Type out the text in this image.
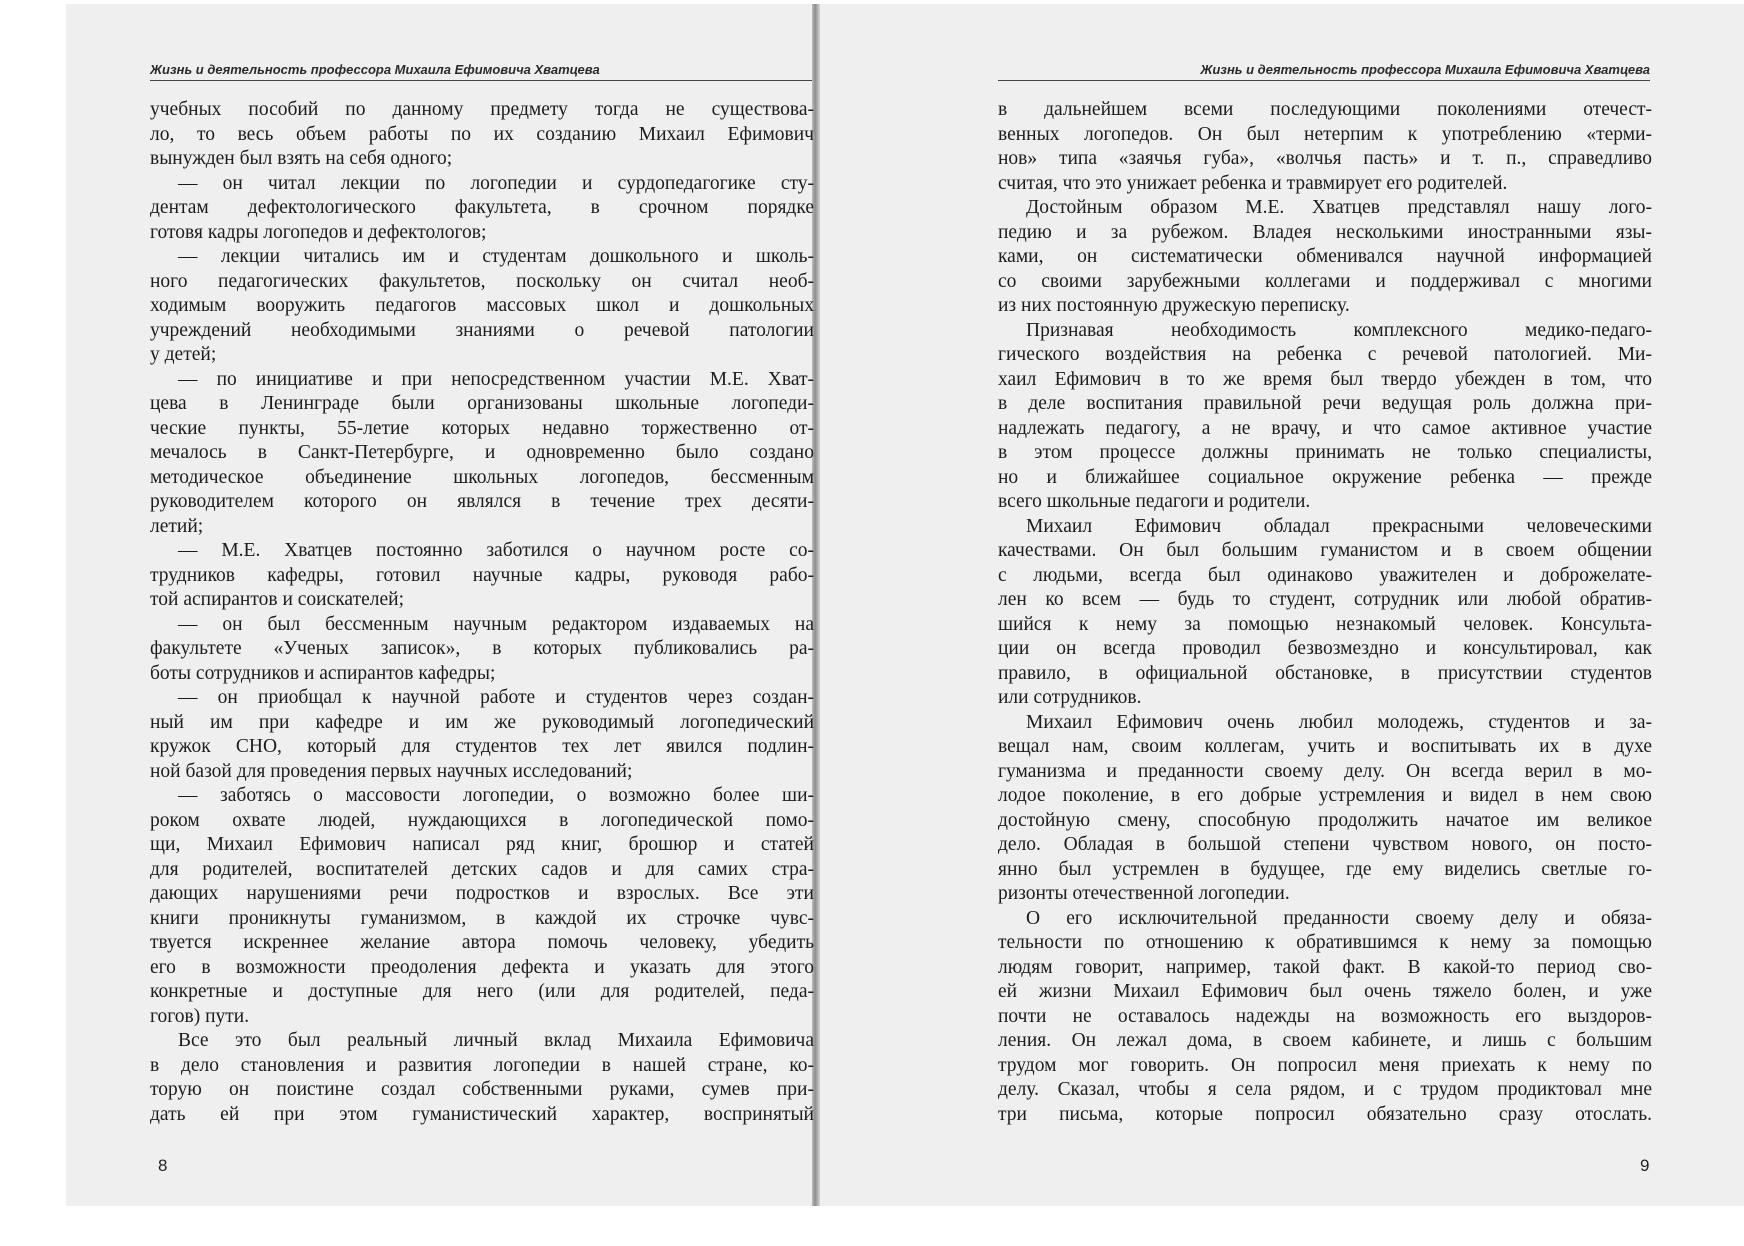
Жизнь и деятельность профессора Михаила Ефимовича Хватцева
учебных пособий по данному предмету тогда не существова-
ло, то весь объем работы по их созданию Михаил Ефимович
вынужден был взять на себя одного;
— он читал лекции по логопедии и сурдопедагогике сту-
дентам дефектологического факультета, в срочном порядке
готовя кадры логопедов и дефектологов;
— лекции читались им и студентам дошкольного и школь-
ного педагогических факультетов, поскольку он считал необ-
ходимым вооружить педагогов массовых школ и дошкольных
учреждений необходимыми знаниями о речевой патологии
у детей;
— по инициативе и при непосредственном участии М.Е. Хват-
цева в Ленинграде были организованы школьные логопеди-
ческие пункты, 55-летие которых недавно торжественно от-
мечалось в Санкт-Петербурге, и одновременно было создано
методическое объединение школьных логопедов, бессменным
руководителем которого он являлся в течение трех десяти-
летий;
— М.Е. Хватцев постоянно заботился о научном росте со-
трудников кафедры, готовил научные кадры, руководя рабо-
той аспирантов и соискателей;
— он был бессменным научным редактором издаваемых на
факультете «Ученых записок», в которых публиковались ра-
боты сотрудников и аспирантов кафедры;
— он приобщал к научной работе и студентов через создан-
ный им при кафедре и им же руководимый логопедический
кружок СНО, который для студентов тех лет явился подлин-
ной базой для проведения первых научных исследований;
— заботясь о массовости логопедии, о возможно более ши-
роком охвате людей, нуждающихся в логопедической помо-
щи, Михаил Ефимович написал ряд книг, брошюр и статей
для родителей, воспитателей детских садов и для самих стра-
дающих нарушениями речи подростков и взрослых. Все эти
книги проникнуты гуманизмом, в каждой их строчке чувс-
твуется искреннее желание автора помочь человеку, убедить
его в возможности преодоления дефекта и указать для этого
конкретные и доступные для него (или для родителей, педа-
гогов) пути.
Все это был реальный личный вклад Михаила Ефимовича
в дело становления и развития логопедии в нашей стране, ко-
торую он поистине создал собственными руками, сумев при-
дать ей при этом гуманистический характер, воспринятый
8
Жизнь и деятельность профессора Михаила Ефимовича Хватцева
в дальнейшем всеми последующими поколениями отечест-
венных логопедов. Он был нетерпим к употреблению «терми-
нов» типа «заячья губа», «волчья пасть» и т. п., справедливо
считая, что это унижает ребенка и травмирует его родителей.
Достойным образом М.Е. Хватцев представлял нашу лого-
педию и за рубежом. Владея несколькими иностранными язы-
ками, он систематически обменивался научной информацией
со своими зарубежными коллегами и поддерживал с многими
из них постоянную дружескую переписку.
Признавая необходимость комплексного медико-педаго-
гического воздействия на ребенка с речевой патологией. Ми-
хаил Ефимович в то же время был твердо убежден в том, что
в деле воспитания правильной речи ведущая роль должна при-
надлежать педагогу, а не врачу, и что самое активное участие
в этом процессе должны принимать не только специалисты,
но и ближайшее социальное окружение ребенка — прежде
всего школьные педагоги и родители.
Михаил Ефимович обладал прекрасными человеческими
качествами. Он был большим гуманистом и в своем общении
с людьми, всегда был одинаково уважителен и доброжелате-
лен ко всем — будь то студент, сотрудник или любой обратив-
шийся к нему за помощью незнакомый человек. Консульта-
ции он всегда проводил безвозмездно и консультировал, как
правило, в официальной обстановке, в присутствии студентов
или сотрудников.
Михаил Ефимович очень любил молодежь, студентов и за-
вещал нам, своим коллегам, учить и воспитывать их в духе
гуманизма и преданности своему делу. Он всегда верил в мо-
лодое поколение, в его добрые устремления и видел в нем свою
достойную смену, способную продолжить начатое им великое
дело. Обладая в большой степени чувством нового, он посто-
янно был устремлен в будущее, где ему виделись светлые го-
ризонты отечественной логопедии.
О его исключительной преданности своему делу и обяза-
тельности по отношению к обратившимся к нему за помощью
людям говорит, например, такой факт. В какой-то период сво-
ей жизни Михаил Ефимович был очень тяжело болен, и уже
почти не оставалось надежды на возможность его выздоров-
ления. Он лежал дома, в своем кабинете, и лишь с большим
трудом мог говорить. Он попросил меня приехать к нему по
делу. Сказал, чтобы я села рядом, и с трудом продиктовал мне
три письма, которые попросил обязательно сразу отослать.
9
